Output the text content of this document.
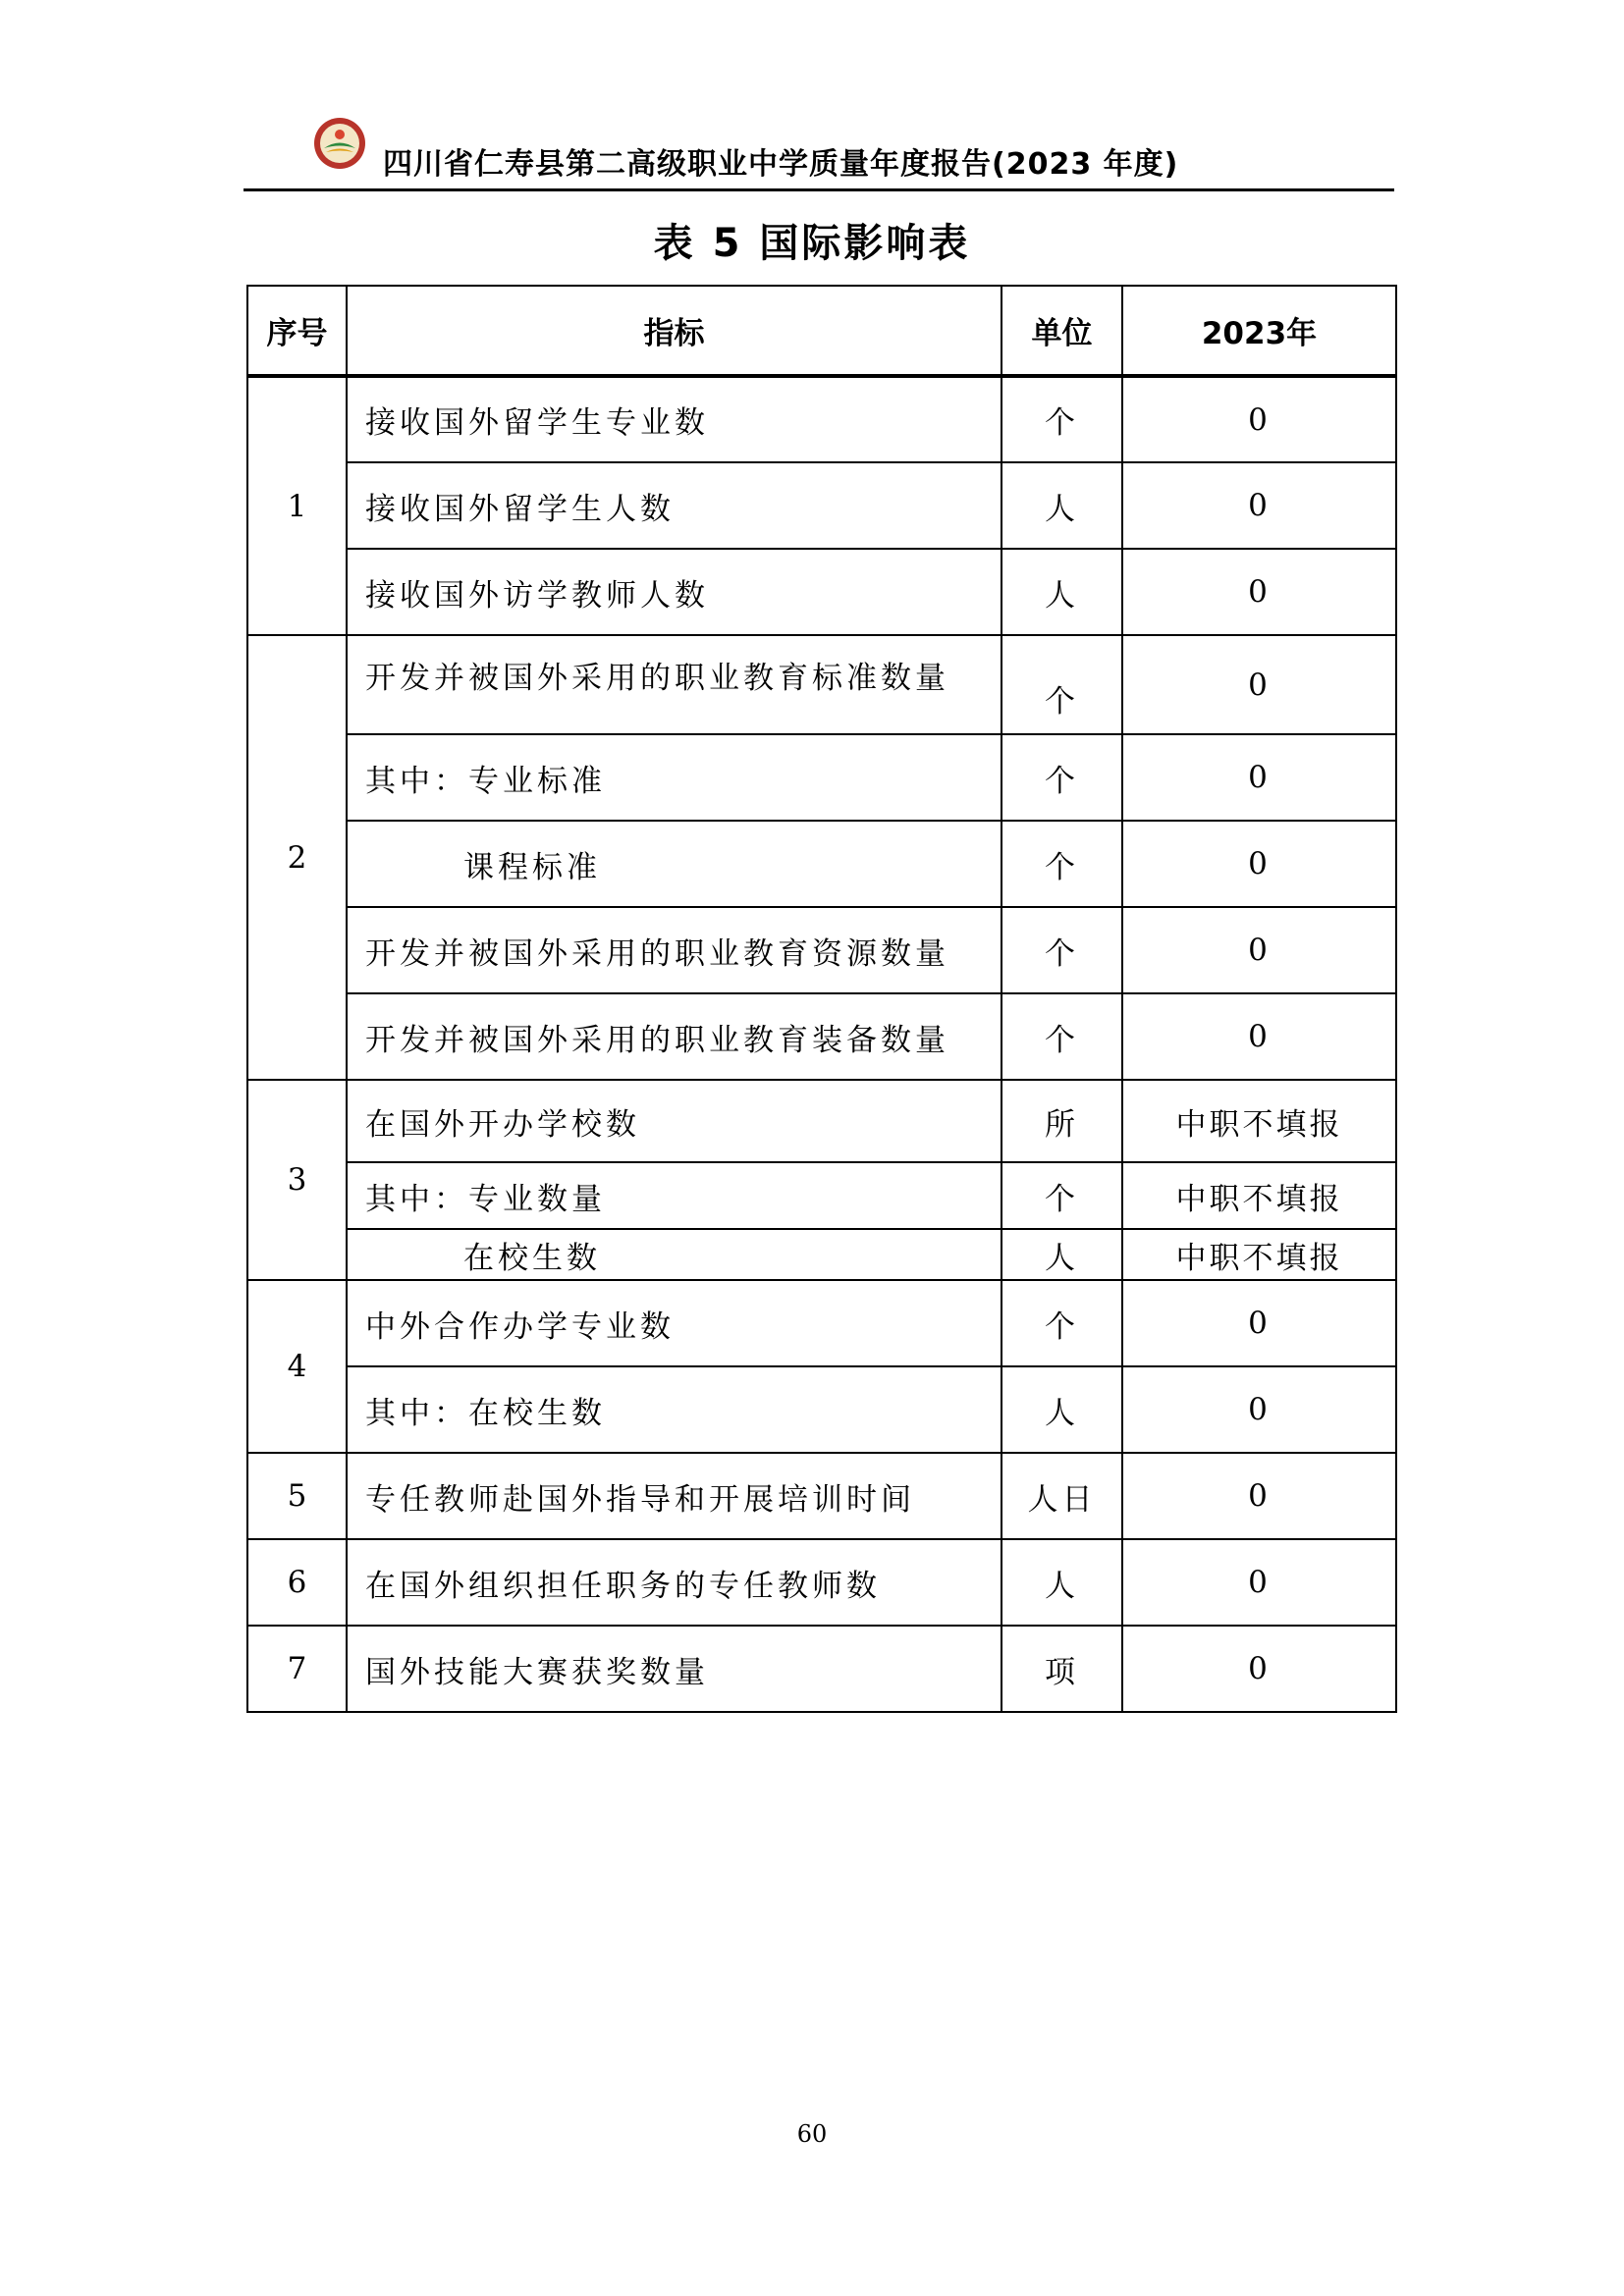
四川省仁寿县第二高级职业中学质量年度报告(2023 年度)
表 5 国际影响表
序号	指标	单位	2023年
1	接收国外留学生专业数	个	0
	接收国外留学生人数	人	0
	接收国外访学教师人数	人	0
2	开发并被国外采用的职业教育标准数量	个	0
	其中：专业标准	个	0
	课程标准	个	0
	开发并被国外采用的职业教育资源数量	个	0
	开发并被国外采用的职业教育装备数量	个	0
3	在国外开办学校数	所	中职不填报
	其中：专业数量	个	中职不填报
	在校生数	人	中职不填报
4	中外合作办学专业数	个	0
	其中：在校生数	人	0
5	专任教师赴国外指导和开展培训时间	人日	0
6	在国外组织担任职务的专任教师数	人	0
7	国外技能大赛获奖数量	项	0
60
